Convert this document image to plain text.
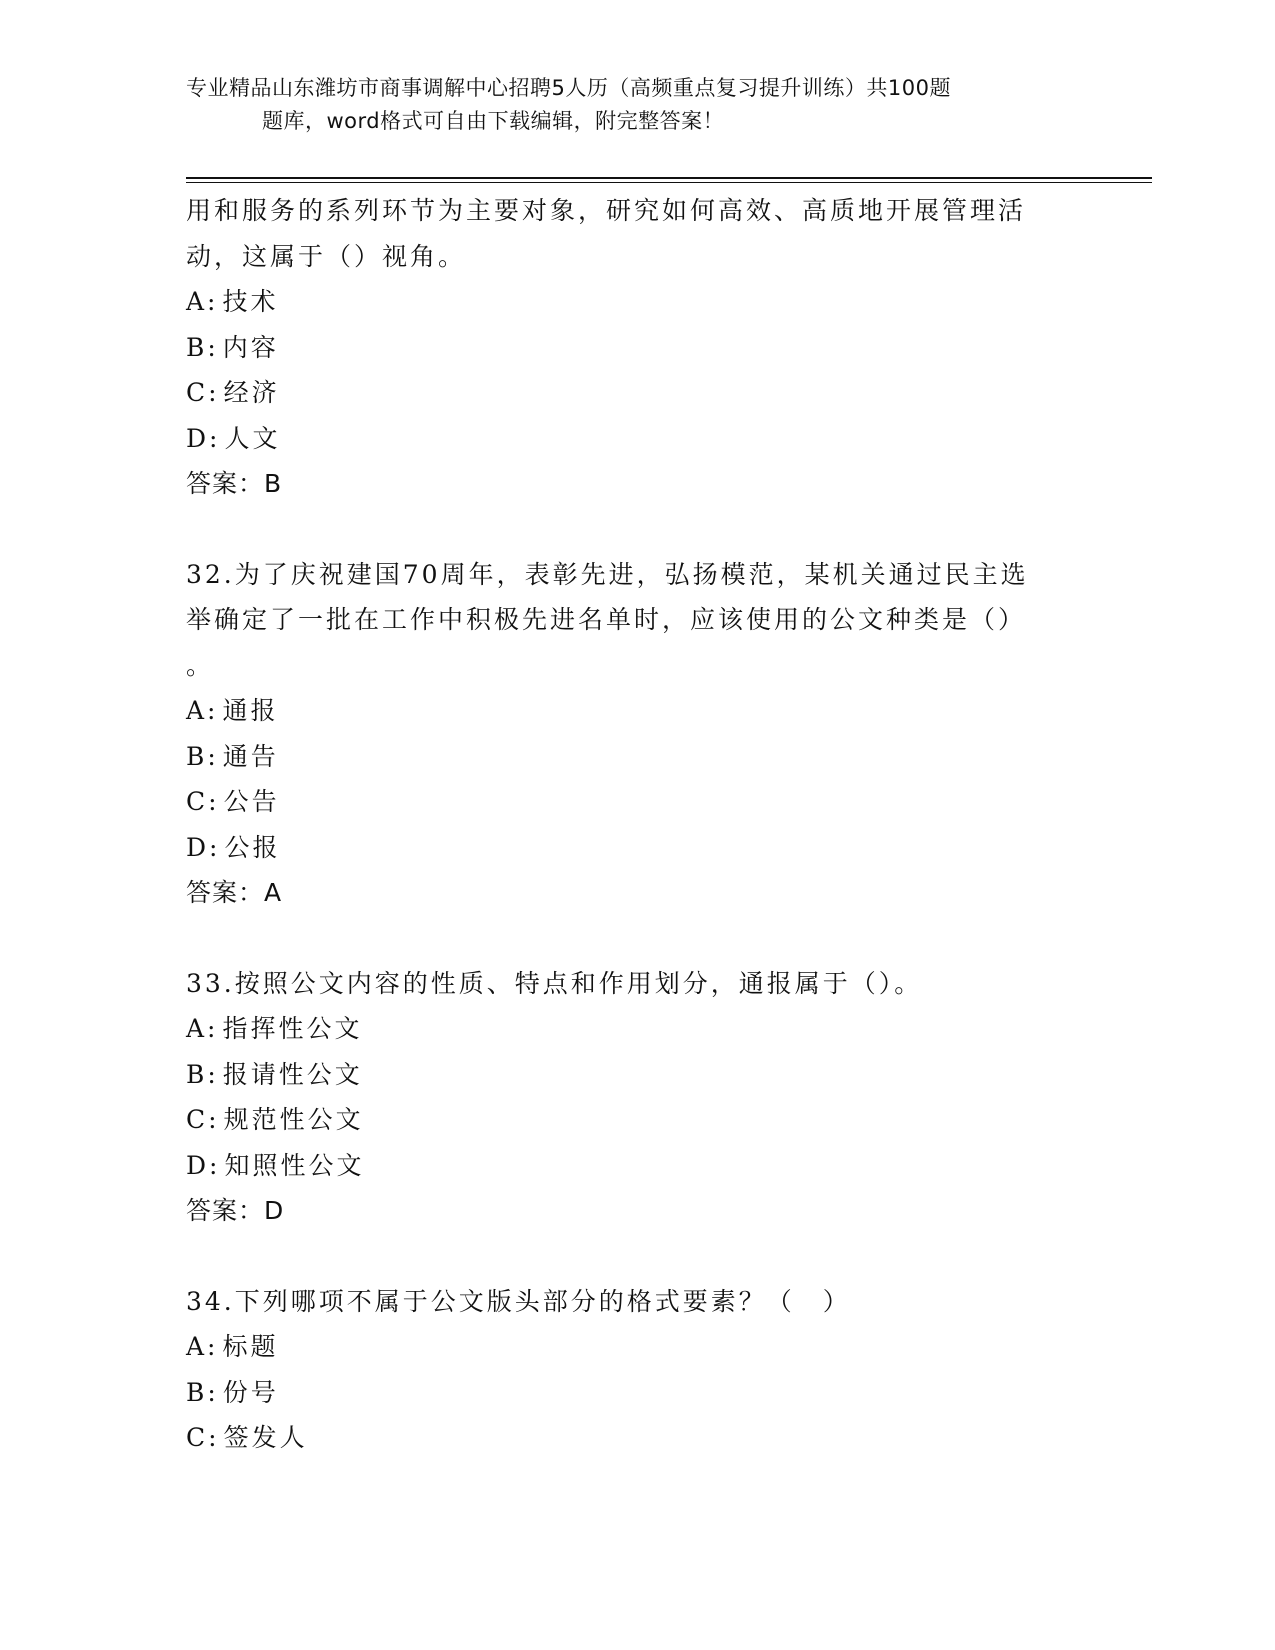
专业精品山东潍坊市商事调解中心招聘5人历（高频重点复习提升训练）共100题
题库，word格式可自由下载编辑，附完整答案！
用和服务的系列环节为主要对象，研究如何高效、高质地开展管理活
动，这属于（）视角。
A: 技术
B: 内容
C: 经济
D: 人文
答案：B
32.为了庆祝建国70周年，表彰先进，弘扬模范，某机关通过民主选
举确定了一批在工作中积极先进名单时，应该使用的公文种类是（）
。
A: 通报
B: 通告
C: 公告
D: 公报
答案：A
33.按照公文内容的性质、特点和作用划分，通报属于（）。
A: 指挥性公文
B: 报请性公文
C: 规范性公文
D: 知照性公文
答案：D
34.下列哪项不属于公文版头部分的格式要素？（　）
A: 标题
B: 份号
C: 签发人
